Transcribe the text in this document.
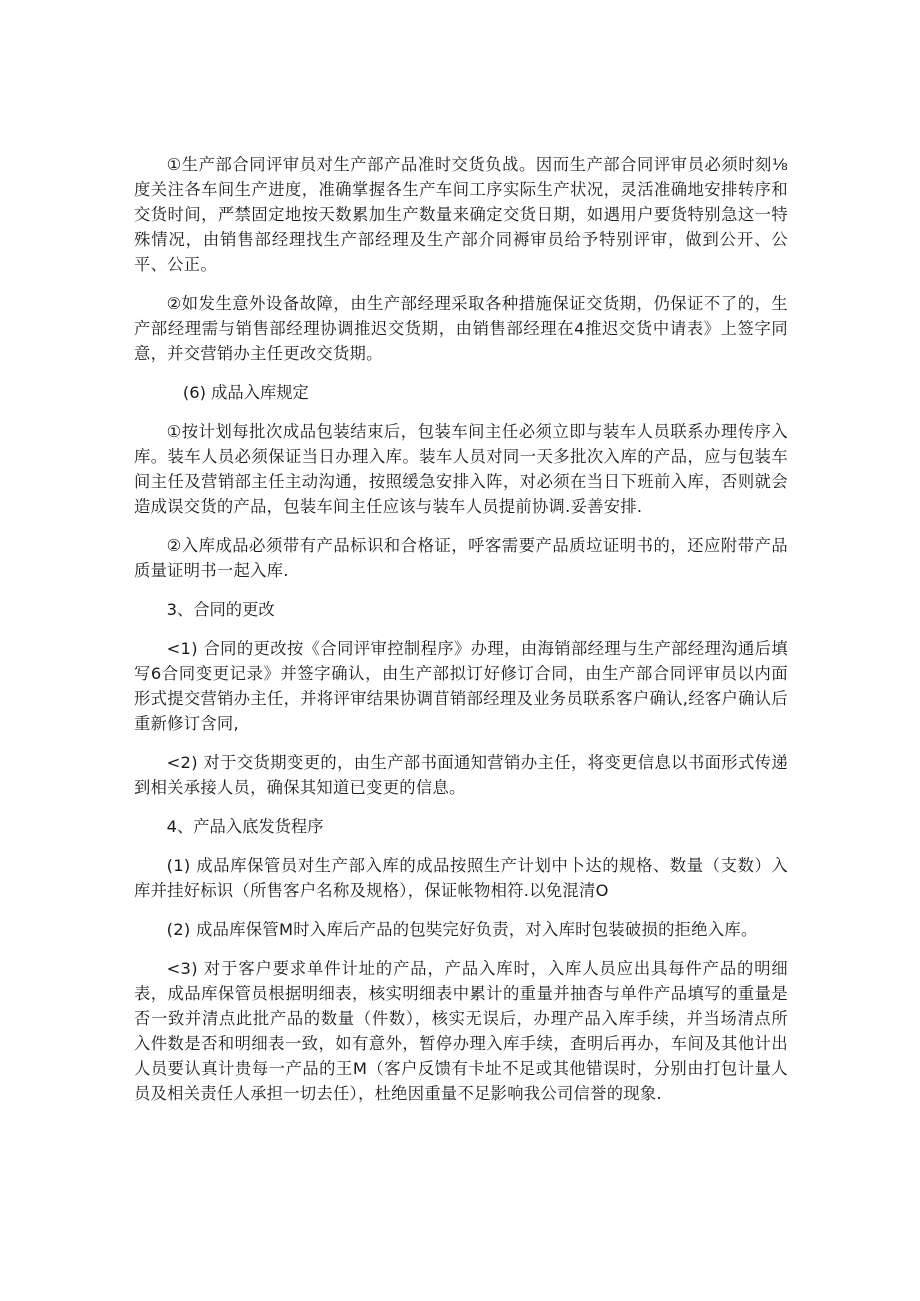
①生产部合同评审员对生产部产品准时交货负战。因而生产部合同评审员必须时刻⅛度关注各车间生产进度，准确掌握各生产车间工序实际生产状况，灵活准确地安排转序和交货时间，严禁固定地按天数累加生产数量来确定交货日期，如遇用户要货特别急这一特殊情况，由销售部经理找生产部经理及生产部介同褥审员给予特别评审，做到公开、公平、公正。

②如发生意外设备故障，由生产部经理采取各种措施保证交货期，仍保证不了的，生产部经理需与销售部经理协调推迟交货期，由销售部经理在4推迟交货中请表》上签字同意，并交营销办主任更改交货期。

(6) 成品入库规定

①按计划每批次成品包装结束后，包装车间主任必须立即与装车人员联系办理传序入库。装车人员必须保证当日办理入库。装车人员对同一天多批次入库的产品，应与包装车间主任及营销部主任主动沟通，按照缓急安排入阵，对必须在当日下班前入库，否则就会造成误交货的产品，包装车间主任应该与装车人员提前协调.妥善安排.

②入库成品必须带有产品标识和合格证，呼客需要产品质垃证明书的，还应附带产品质量证明书一起入库.

3、合同的更改

<1) 合同的更改按《合同评审控制程序》办理，由海销部经理与生产部经理沟通后填写6合同变更记录》并签字确认，由生产部拟订好修订合同，由生产部合同评审员以内面形式提交营销办主任，并将评审结果协调苜销部经理及业务员联系客户确认,经客户确认后重新修订含同,

<2) 对于交货期变更的，由生产部书面通知营销办主任，将变更信息以书面形式传递到相关承接人员，确保其知道已变更的信息。

4、产品入底发货程序

(1) 成品库保管员对生产部入库的成品按照生产计划中卜达的规格、数量（支数）入库并挂好标识（所售客户名称及规格），保证帐物相符.以免混清O

(2) 成品库保管M时入库后产品的包奘完好负责，对入库时包装破损的拒绝入库。

<3) 对于客户要求单件计址的产品，产品入库时，入库人员应出具每件产品的明细表，成品库保管员根据明细表，核实明细表中累计的重量并抽杳与单件产品填写的重量是否一致并清点此批产品的数量（件数），核实无误后，办理产品入库手续，并当场清点所入件数是否和明细表一致，如有意外，暂停办理入库手续，査明后再办，车间及其他计出人员要认真计贵每一产品的王M（客户反馈有卡址不足或其他错误时，分别由打包计量人员及相关责任人承担一切去任），杜绝因重量不足影响我公司信誉的现象.
